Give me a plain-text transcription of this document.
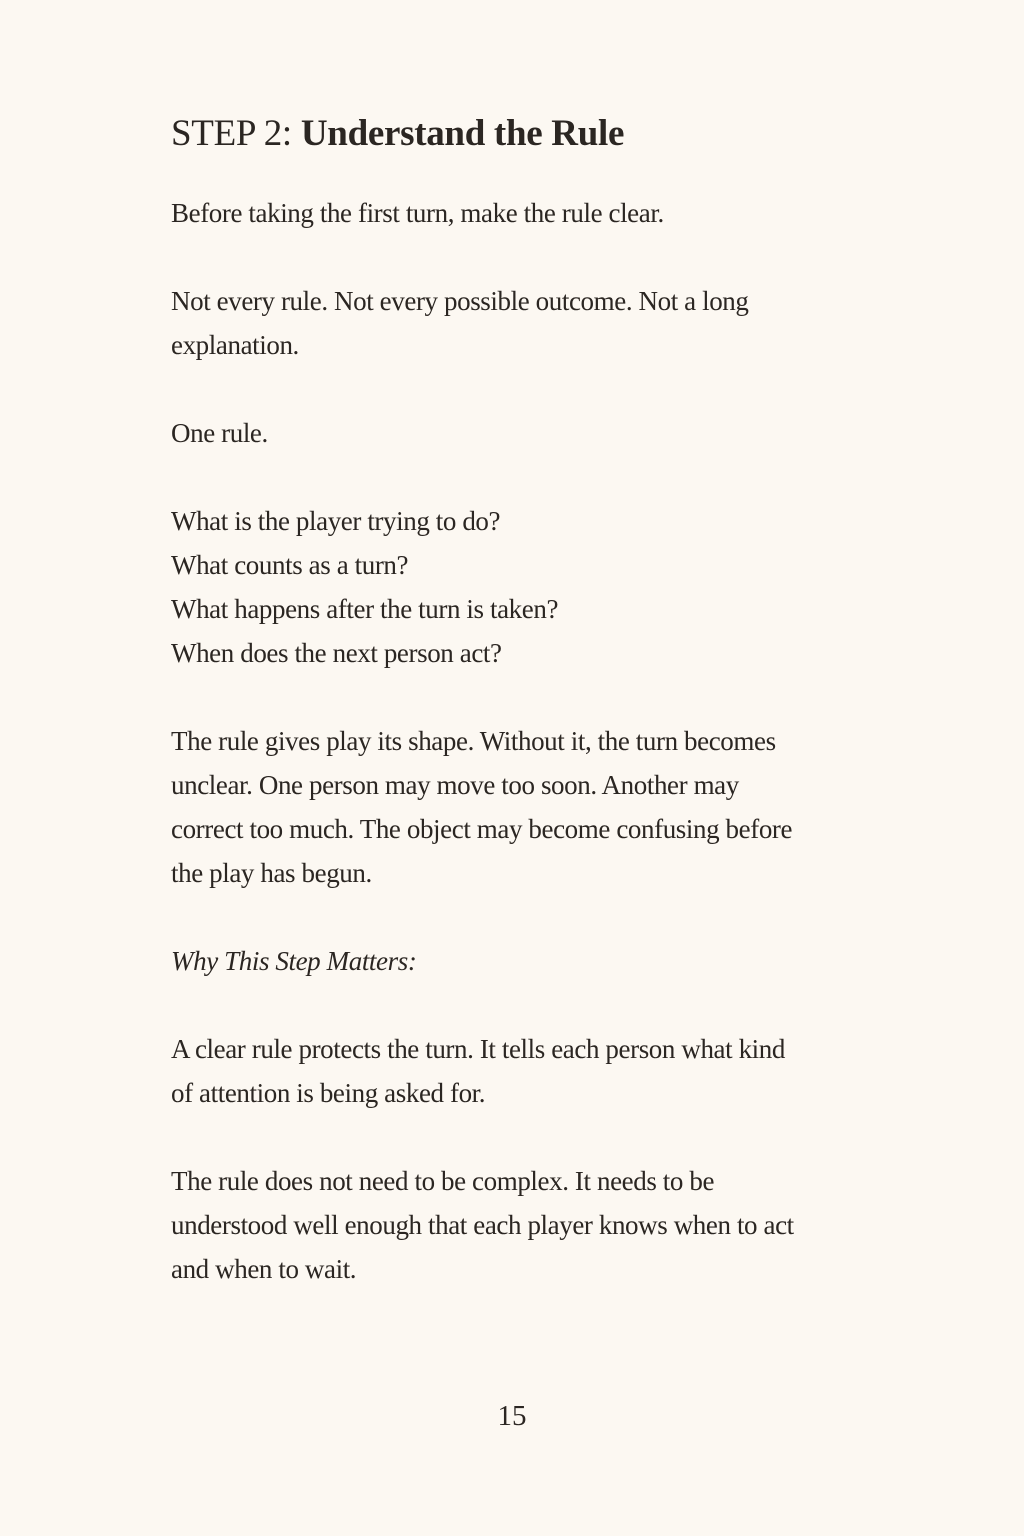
STEP 2: Understand the Rule

Before taking the first turn, make the rule clear.

Not every rule. Not every possible outcome. Not a long
explanation.

One rule.

What is the player trying to do?
What counts as a turn?
What happens after the turn is taken?
When does the next person act?

The rule gives play its shape. Without it, the turn becomes
unclear. One person may move too soon. Another may
correct too much. The object may become confusing before
the play has begun.

Why This Step Matters:

A clear rule protects the turn. It tells each person what kind
of attention is being asked for.

The rule does not need to be complex. It needs to be
understood well enough that each player knows when to act
and when to wait.

15
